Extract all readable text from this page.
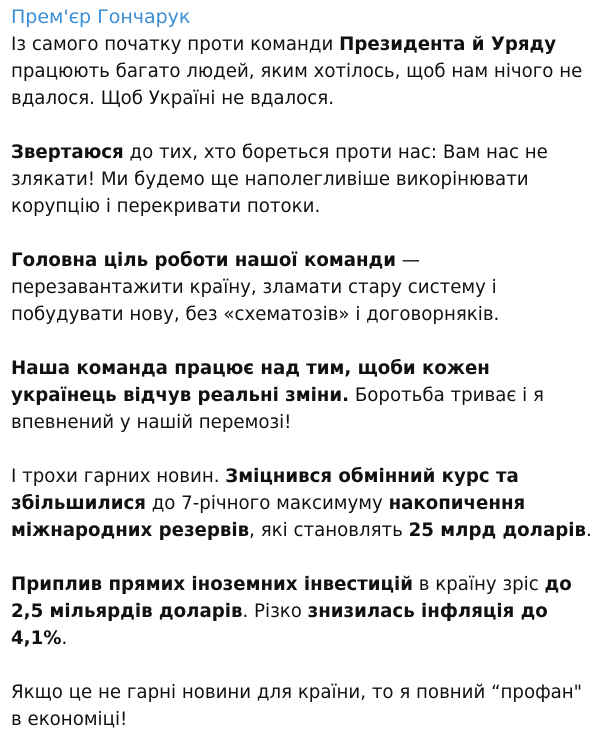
Прем'єр Гончарук
Із самого початку проти команди Президента й Уряду працюють багато людей, яким хотілось, щоб нам нічого не вдалося. Щоб Україні не вдалося.
Звертаюся до тих, хто бореться проти нас: Вам нас не злякати! Ми будемо ще наполегливіше викорінювати корупцію і перекривати потоки.
Головна ціль роботи нашої команди — перезавантажити країну, зламати стару систему і побудувати нову, без «схематозів» і договорняків.
Наша команда працює над тим, щоби кожен українець відчув реальні зміни. Боротьба триває і я впевнений у нашій перемозі!
І трохи гарних новин. Зміцнився обмінний курс та збільшилися до 7-річного максимуму накопичення міжнародних резервів, які становлять 25 млрд доларів.
Приплив прямих іноземних інвестицій в країну зріс до 2,5 мільярдів доларів. Різко знизилась інфляція до 4,1%.
Якщо це не гарні новини для країни, то я повний “профан" в економіці!
